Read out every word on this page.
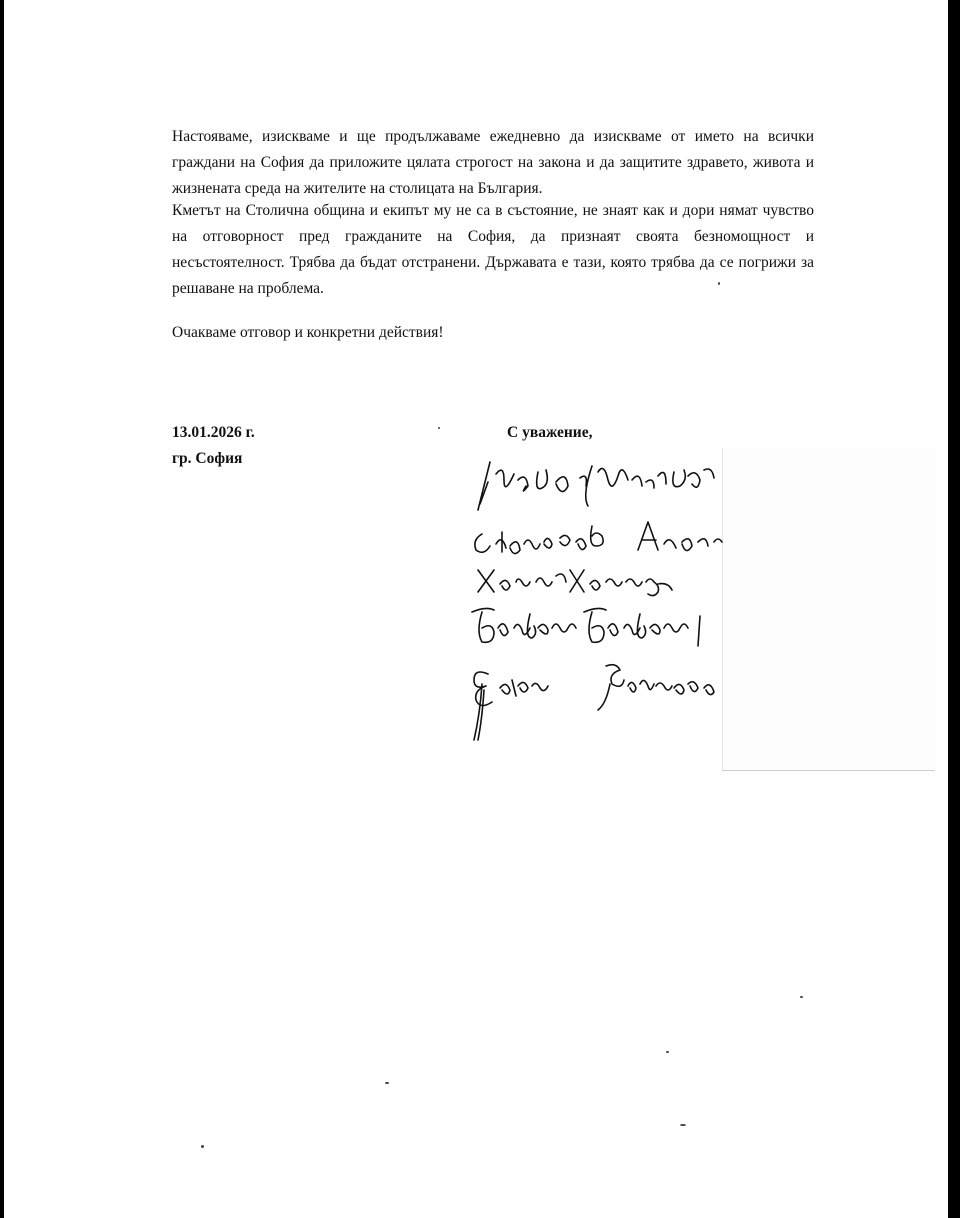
Настояваме, изискваме и ще продължаваме ежедневно да изискваме от името на всички граждани на София да приложите цялата строгост на закона и да защитите здравето, живота и жизнената среда на жителите на столицата на България.

Кметът на Столична община и екипът му не са в състояние, не знаят как и дори нямат чувство на отговорност пред гражданите на София, да признаят своята безномощност и несъстоятелност. Трябва да бъдат отстранени. Държавата е тази, която трябва да се погрижи за решаване на проблема.

Очакваме отговор и конкретни действия!

13.01.2026 г.
гр. София
С уважение,
